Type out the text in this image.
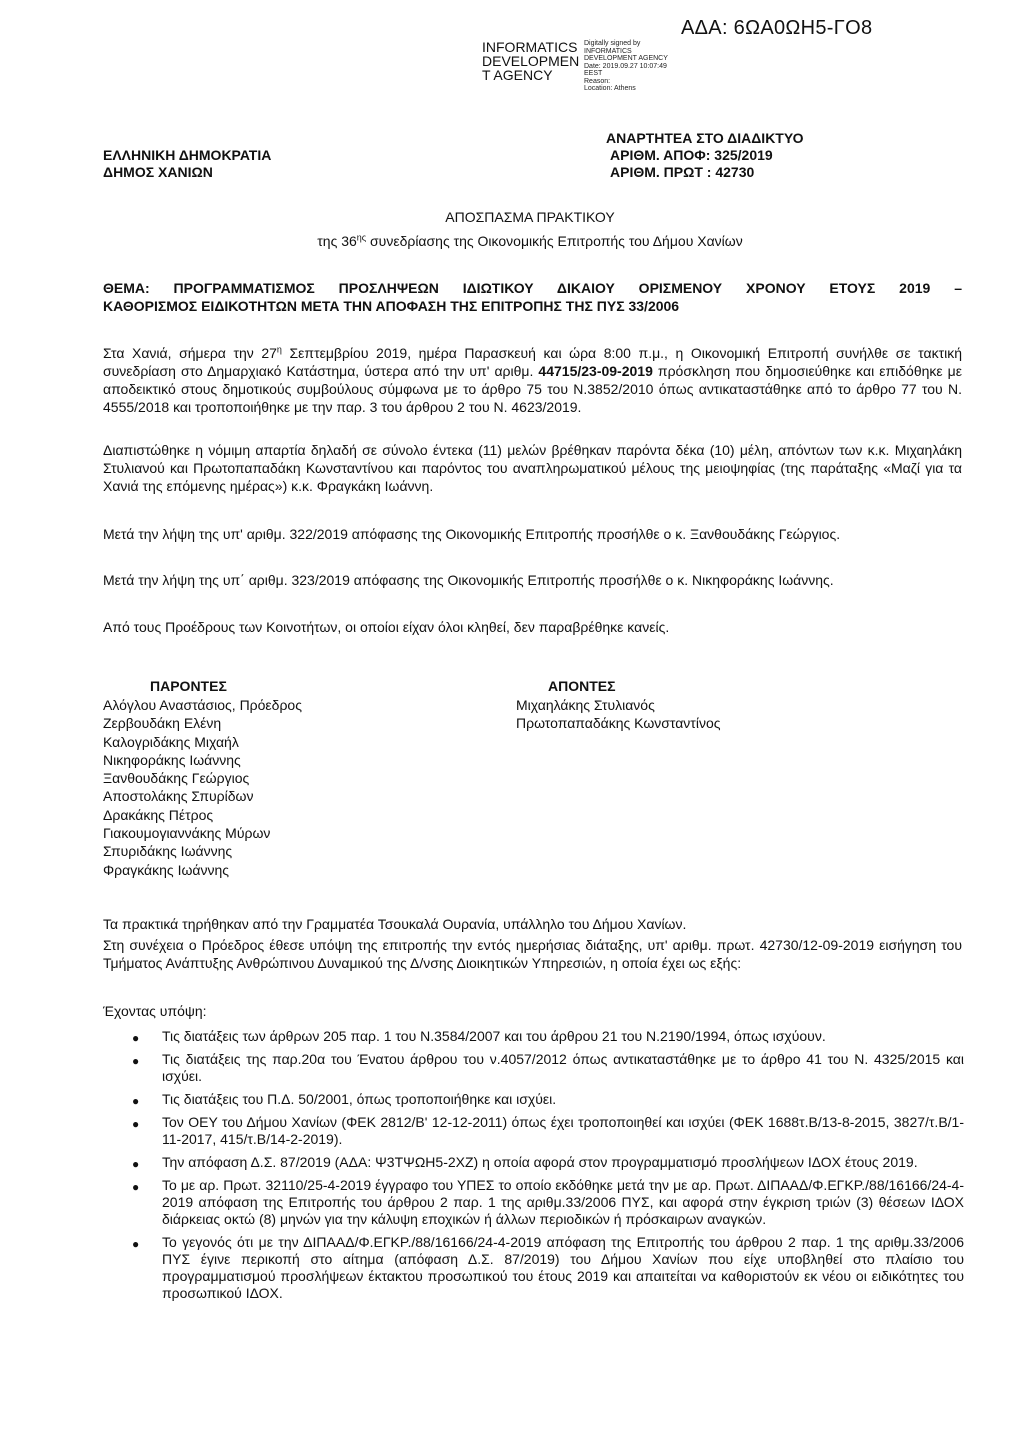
ΑΔΑ: 6ΩΑ0ΩΗ5-ΓΟ8
INFORMATICS
DEVELOPMEN
T AGENCY
Digitally signed by
INFORMATICS
DEVELOPMENT AGENCY
Date: 2019.09.27 10:07:49
EEST
Reason:
Location: Athens
ΕΛΛΗΝΙΚΗ ΔΗΜΟΚΡΑΤΙΑ
ΔΗΜΟΣ ΧΑΝΙΩΝ
ΑΝΑΡΤΗΤΕΑ ΣΤΟ ΔΙΑΔΙΚΤΥΟ
ΑΡΙΘΜ. ΑΠΟΦ: 325/2019
ΑΡΙΘΜ. ΠΡΩΤ : 42730
ΑΠΟΣΠΑΣΜΑ ΠΡΑΚΤΙΚΟΥ
της $36^{\eta\varsigma}$ συνεδρίασης της Οικονομικής Επιτροπής του Δήμου Χανίων
ΘΕΜΑ: ΠΡΟΓΡΑΜΜΑΤΙΣΜΟΣ ΠΡΟΣΛΗΨΕΩΝ ΙΔΙΩΤΙΚΟΥ ΔΙΚΑΙΟΥ ΟΡΙΣΜΕΝΟΥ ΧΡΟΝΟΥ ΕΤΟΥΣ 2019 –
ΚΑΘΟΡΙΣΜΟΣ ΕΙΔΙΚΟΤΗΤΩΝ ΜΕΤΑ ΤΗΝ ΑΠΟΦΑΣΗ ΤΗΣ ΕΠΙΤΡΟΠΗΣ ΤΗΣ ΠΥΣ 33/2006
Στα Χανιά, σήμερα την $27^\eta$ Σεπτεμβρίου 2019, ημέρα Παρασκευή και ώρα 8:00 π.μ., η Οικονομική Επιτροπή συνήλθε σε τακτική συνεδρίαση στο Δημαρχιακό Κατάστημα, ύστερα από την υπ' αριθμ. 44715/23-09-2019 πρόσκληση που δημοσιεύθηκε και επιδόθηκε με αποδεικτικό στους δημοτικούς συμβούλους σύμφωνα με το άρθρο 75 του Ν.3852/2010 όπως αντικαταστάθηκε από το άρθρο 77 του Ν. 4555/2018 και τροποποιήθηκε με την παρ. 3 του άρθρου 2 του Ν. 4623/2019.
Διαπιστώθηκε η νόμιμη απαρτία δηλαδή σε σύνολο έντεκα (11) μελών βρέθηκαν παρόντα δέκα (10) μέλη, απόντων των κ.κ. Μιχαηλάκη Στυλιανού και Πρωτοπαπαδάκη Κωνσταντίνου και παρόντος του αναπληρωματικού μέλους της μειοψηφίας (της παράταξης «Μαζί για τα Χανιά της επόμενης ημέρας») κ.κ. Φραγκάκη Ιωάννη.
Μετά την λήψη της υπ' αριθμ. 322/2019 απόφασης της Οικονομικής Επιτροπής προσήλθε ο κ. Ξανθουδάκης Γεώργιος.
Μετά την λήψη της υπ΄ αριθμ. 323/2019 απόφασης της Οικονομικής Επιτροπής προσήλθε ο κ. Νικηφοράκης Ιωάννης.
Από τους Προέδρους των Κοινοτήτων, οι οποίοι είχαν όλοι κληθεί, δεν παραβρέθηκε κανείς.
ΠΑΡΟΝΤΕΣ	ΑΠΟΝΤΕΣ
Αλόγλου Αναστάσιος, Πρόεδρος
Ζερβουδάκη Ελένη
Καλογριδάκης Μιχαήλ
Νικηφοράκης Ιωάννης
Ξανθουδάκης Γεώργιος
Αποστολάκης Σπυρίδων
Δρακάκης Πέτρος
Γιακουμογιαννάκης Μύρων
Σπυριδάκης Ιωάννης
Φραγκάκης Ιωάννης
Μιχαηλάκης Στυλιανός
Πρωτοπαπαδάκης Κωνσταντίνος
Τα πρακτικά τηρήθηκαν από την Γραμματέα Τσουκαλά Ουρανία, υπάλληλο του Δήμου Χανίων.
Στη συνέχεια ο Πρόεδρος έθεσε υπόψη της επιτροπής την εντός ημερήσιας διάταξης, υπ' αριθμ. πρωτ. 42730/12-09-2019 εισήγηση του Τμήματος Ανάπτυξης Ανθρώπινου Δυναμικού της Δ/νσης Διοικητικών Υπηρεσιών, η οποία έχει ως εξής:
Έχοντας υπόψη:
● Τις διατάξεις των άρθρων 205 παρ. 1 του Ν.3584/2007 και του άρθρου 21 του Ν.2190/1994, όπως ισχύουν.
● Τις διατάξεις της παρ.20α του Ένατου άρθρου του ν.4057/2012 όπως αντικαταστάθηκε με το άρθρο 41 του Ν. 4325/2015 και ισχύει.
● Τις διατάξεις του Π.Δ. 50/2001, όπως τροποποιήθηκε και ισχύει.
● Τον ΟΕΥ του Δήμου Χανίων (ΦΕΚ 2812/Β' 12-12-2011) όπως έχει τροποποιηθεί και ισχύει (ΦΕΚ 1688τ.Β/13-8-2015, 3827/τ.Β/1-11-2017, 415/τ.Β/14-2-2019).
● Την απόφαση Δ.Σ. 87/2019 (ΑΔΑ: Ψ3ΤΨΩΗ5-2ΧΖ) η οποία αφορά στον προγραμματισμό προσλήψεων ΙΔΟΧ έτους 2019.
● Το με αρ. Πρωτ. 32110/25-4-2019 έγγραφο του ΥΠΕΣ το οποίο εκδόθηκε μετά την με αρ. Πρωτ. ΔΙΠΑΑΔ/Φ.ΕΓΚΡ./88/16166/24-4-2019 απόφαση της Επιτροπής του άρθρου 2 παρ. 1 της αριθμ.33/2006 ΠΥΣ, και αφορά στην έγκριση τριών (3) θέσεων ΙΔΟΧ διάρκειας οκτώ (8) μηνών για την κάλυψη εποχικών ή άλλων περιοδικών ή πρόσκαιρων αναγκών.
● Το γεγονός ότι με την ΔΙΠΑΑΔ/Φ.ΕΓΚΡ./88/16166/24-4-2019 απόφαση της Επιτροπής του άρθρου 2 παρ. 1 της αριθμ.33/2006 ΠΥΣ έγινε περικοπή στο αίτημα (απόφαση Δ.Σ. 87/2019) του Δήμου Χανίων που είχε υποβληθεί στο πλαίσιο του προγραμματισμού προσλήψεων έκτακτου προσωπικού του έτους 2019 και απαιτείται να καθοριστούν εκ νέου οι ειδικότητες του προσωπικού ΙΔΟΧ.
